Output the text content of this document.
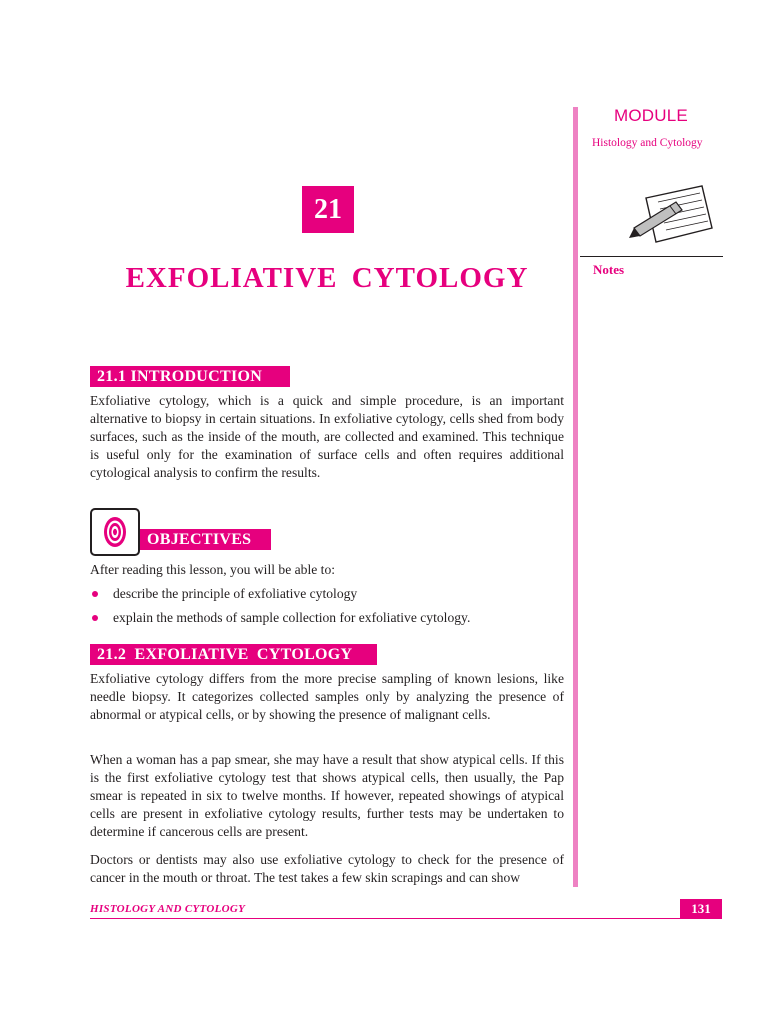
MODULE
Histology and Cytology
Notes
21
EXFOLIATIVE CYTOLOGY
21.1 INTRODUCTION
Exfoliative cytology, which is a quick and simple procedure, is an important alternative to biopsy in certain situations. In exfoliative cytology, cells shed from body surfaces, such as the inside of the mouth, are collected and examined. This technique is useful only for the examination of surface cells and often requires additional cytological analysis to confirm the results.
OBJECTIVES
After reading this lesson, you will be able to:
describe the principle of exfoliative cytology
explain the methods of sample collection for exfoliative cytology.
21.2 EXFOLIATIVE CYTOLOGY
Exfoliative cytology differs from the more precise sampling of known lesions, like needle biopsy. It categorizes collected samples only by analyzing the presence of abnormal or atypical cells, or by showing the presence of malignant cells.
When a woman has a pap smear, she may have a result that show atypical cells. If this is the first exfoliative cytology test that shows atypical cells, then usually, the Pap smear is repeated in six to twelve months. If however, repeated showings of atypical cells are present in exfoliative cytology results, further tests may be undertaken to determine if cancerous cells are present.
Doctors or dentists may also use exfoliative cytology to check for the presence of cancer in the mouth or throat. The test takes a few skin scrapings and can show
HISTOLOGY AND CYTOLOGY	131
